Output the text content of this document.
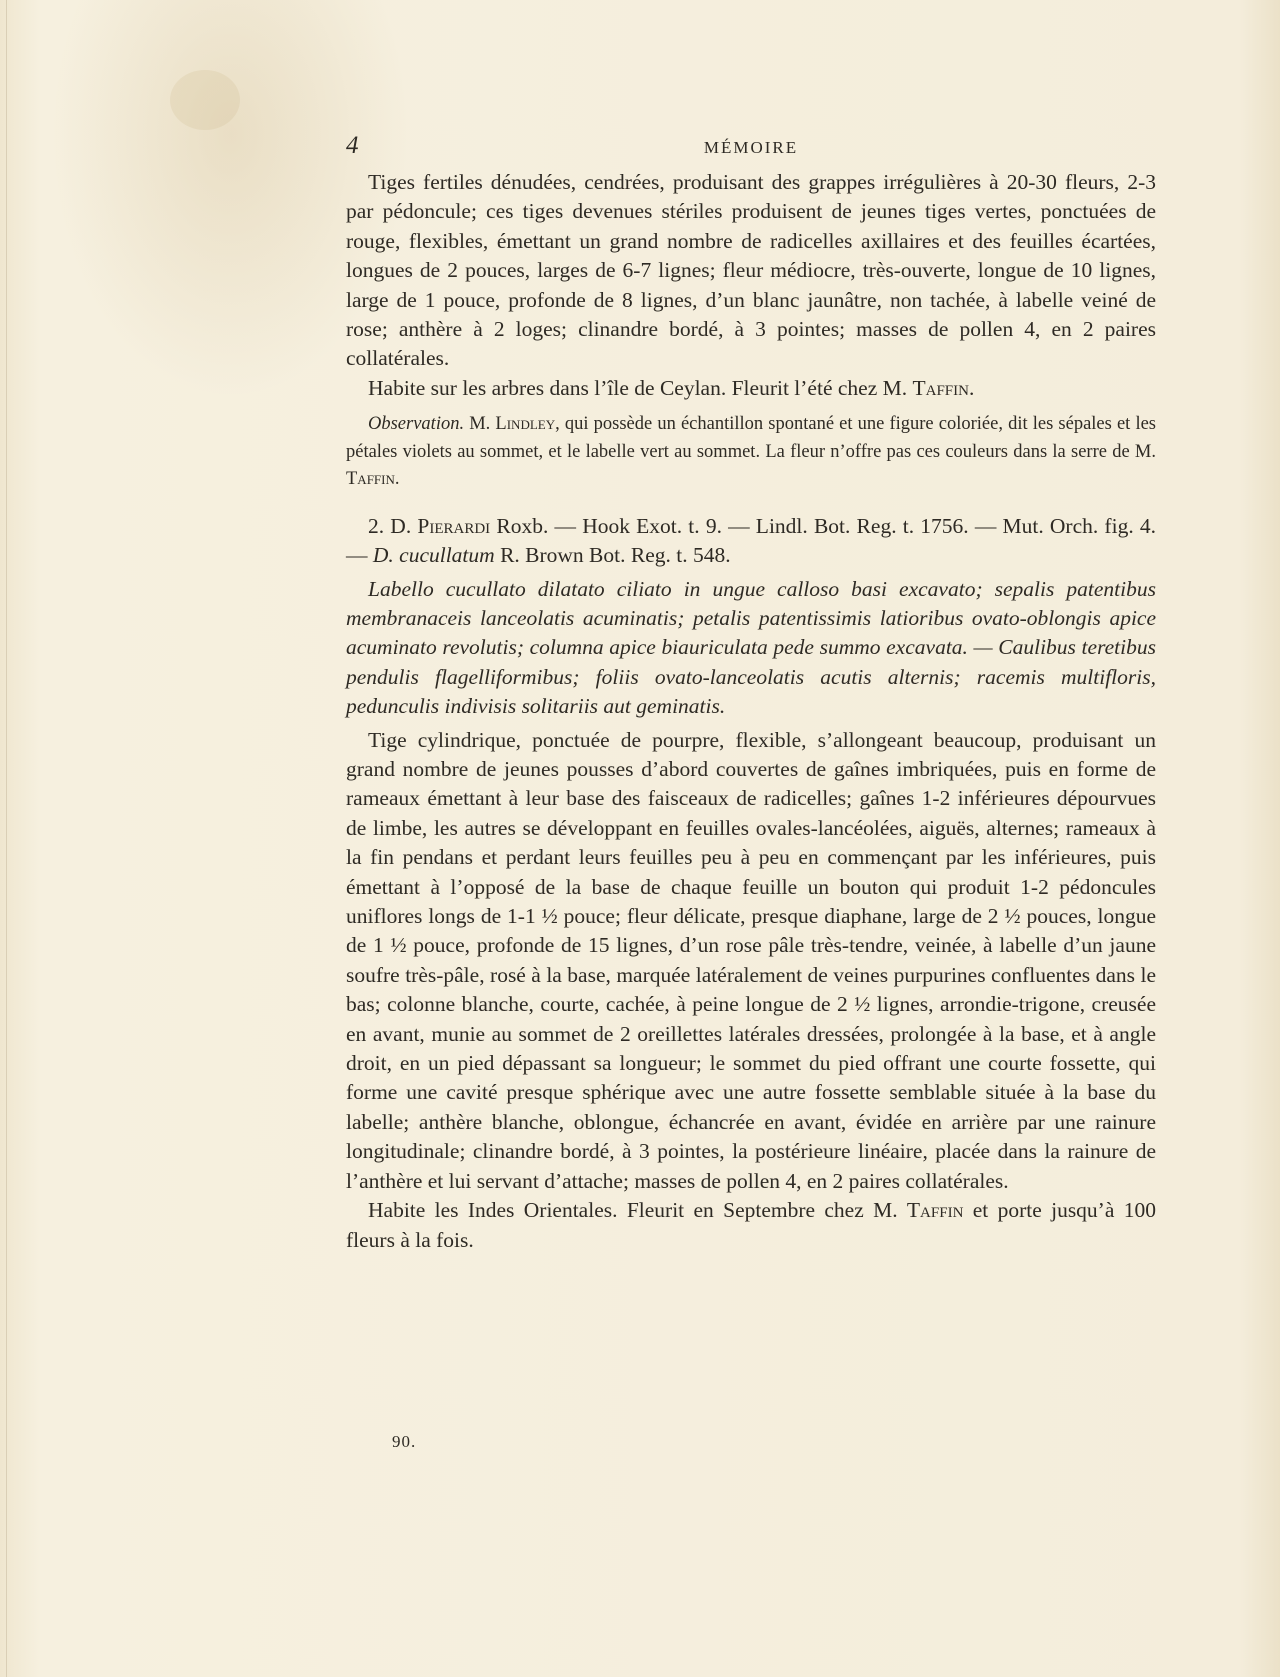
4	MÉMOIRE

Tiges fertiles dénudées, cendrées, produisant des grappes irrégulières à 20-30 fleurs, 2-3 par pédoncule; ces tiges devenues stériles produisent de jeunes tiges vertes, ponctuées de rouge, flexibles, émettant un grand nombre de radicelles axillaires et des feuilles écartées, longues de 2 pouces, larges de 6-7 lignes; fleur médiocre, très-ouverte, longue de 10 lignes, large de 1 pouce, profonde de 8 lignes, d’un blanc jaunâtre, non tachée, à labelle veiné de rose; anthère à 2 loges; clinandre bordé, à 3 pointes; masses de pollen 4, en 2 paires collatérales.

Habite sur les arbres dans l’île de Ceylan. Fleurit l’été chez M. Taffin.

Observation. M. Lindley, qui possède un échantillon spontané et une figure coloriée, dit les sépales et les pétales violets au sommet, et le labelle vert au sommet. La fleur n’offre pas ces couleurs dans la serre de M. Taffin.

2. D. Pierardi Roxb. — Hook Exot. t. 9. — Lindl. Bot. Reg. t. 1756. — Mut. Orch. fig. 4. — D. cucullatum R. Brown Bot. Reg. t. 548.

Labello cucullato dilatato ciliato in ungue calloso basi excavato; sepalis patentibus membranaceis lanceolatis acuminatis; petalis patentissimis latioribus ovato-oblongis apice acuminato revolutis; columna apice biauriculata pede summo excavata. — Caulibus teretibus pendulis flagelliformibus; foliis ovato-lanceolatis acutis alternis; racemis multifloris, pedunculis indivisis solitariis aut geminatis.

Tige cylindrique, ponctuée de pourpre, flexible, s’allongeant beaucoup, produisant un grand nombre de jeunes pousses d’abord couvertes de gaînes imbriquées, puis en forme de rameaux émettant à leur base des faisceaux de radicelles; gaînes 1-2 inférieures dépourvues de limbe, les autres se développant en feuilles ovales-lancéolées, aiguës, alternes; rameaux à la fin pendans et perdant leurs feuilles peu à peu en commençant par les inférieures, puis émettant à l’opposé de la base de chaque feuille un bouton qui produit 1-2 pédoncules uniflores longs de 1-1 ½ pouce; fleur délicate, presque diaphane, large de 2 ½ pouces, longue de 1 ½ pouce, profonde de 15 lignes, d’un rose pâle très-tendre, veinée, à labelle d’un jaune soufre très-pâle, rosé à la base, marquée latéralement de veines purpurines confluentes dans le bas; colonne blanche, courte, cachée, à peine longue de 2 ½ lignes, arrondie-trigone, creusée en avant, munie au sommet de 2 oreillettes latérales dressées, prolongée à la base, et à angle droit, en un pied dépassant sa longueur; le sommet du pied offrant une courte fossette, qui forme une cavité presque sphérique avec une autre fossette semblable située à la base du labelle; anthère blanche, oblongue, échancrée en avant, évidée en arrière par une rainure longitudinale; clinandre bordé, à 3 pointes, la postérieure linéaire, placée dans la rainure de l’anthère et lui servant d’attache; masses de pollen 4, en 2 paires collatérales.

Habite les Indes Orientales. Fleurit en Septembre chez M. Taffin et porte jusqu’à 100 fleurs à la fois.

90.
